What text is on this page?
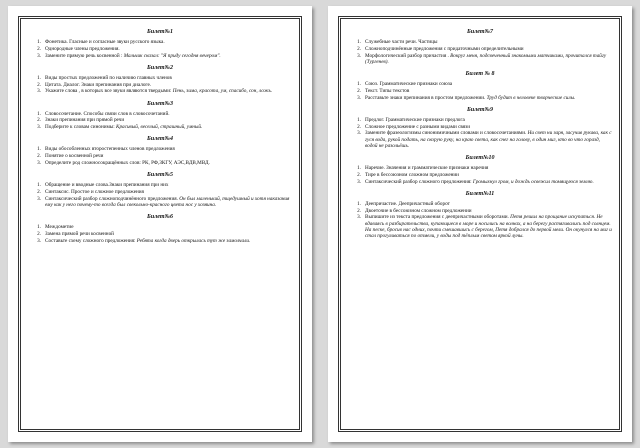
Билет№1
1. Фонетика. Гласные и согласные звуки русского языка.
2. Однородные члены предложения.
3. Замените прямую речь косвенной : Мальчик сказал: "Я приду сегодня вечером".
Билет№2
1. Виды простых предложений по наличию главных членов
2. Цитата. Диалог. Знаки препинания при диалоге.
3. Укажите слова , в которых все звуки являются твердыми: Пень, зима, красота, ум, спасибо, сон, ложь.
Билет№3
1. Словосочетание. Способы связи слов в словосочетаний.
2. Знаки препинания при прямой речи
3. Подберите к словам синонимы: Красивый, веселый, страшный, умный.
Билет№4
1. Виды обособленных второстепенных членов предложения
2. Понятие о косвенной речи
3. Определите род сложносокращённых слов: РК, РФ,ЗКГУ, АЭС,ВДВ,МВД.
Билет№5
1. Обращение и вводные слова.Знаки препинания при них
2. Синтаксис. Простое и сложное предложения
3. Синтаксический разбор сложноподчинённого предложения. Он был маленький, тщедушный и хотя наказания ему как у него почему-то всегда был свекольно-красного цвета нос у хозяина.
Билет№6
1. Междометие
2. Замена прямой речи косвенной
3. Составьте схему сложного предложения: Ребята когда дверь открылась тут же замолчали.
Билет№7
1. Служебные части речи. Частицы
2. Сложноподчинённые предложения с придаточными определительными
3. Морфологический разбор причастия . Вокруг меня, подсвеченный знакомыми матчиками, прочитался тайгу (Тургенев).
Билет № 8
1. Союз. Грамматические признаки союза
2. Текст. Типы текстов
3. Расставьте знаки препинания в простом предложении. Труд будит в человеке творческие силы.
Билет№9
1. Предлог. Грамматические признаки предлога
2. Сложное предложение с разными видами связи
3. Замените фразеологизмы синонимичными словами и словосочетаниями. Ни свет ни заря, засучив рукава, как с гуся вода, рукой подать, на скорую руку, на краю света, как снег на голову, в один миг, кто во что горазд, водой не разольёшь.
Билет№10
1. Наречие. Значения и грамматические признаки наречия
2. Тире в бессоюзном сложном предложении
3. Синтаксический разбор сложного предложения: Громыхнул гром, и дождь освежил томящуюся землю.
Билет№11
1. Деепричастие. Деепричастный оборот
2. Двоеточие в бессоюзном сложном предложении
3. Выпишите из текста предложения с деепричастными оборотами. Петя решил на прощание искупаться. Не вдаваясь в разбирательства, купающиеся в море и носились на волнах, а на берегу растягивались под солнцем. На песке, бросив нас одних, почти смешавшись с берегом, Петя добрался до первой мели. Он окунулся на миг и стал прогуливаться по отмели, у воды под тёплым светом яркой луны.
